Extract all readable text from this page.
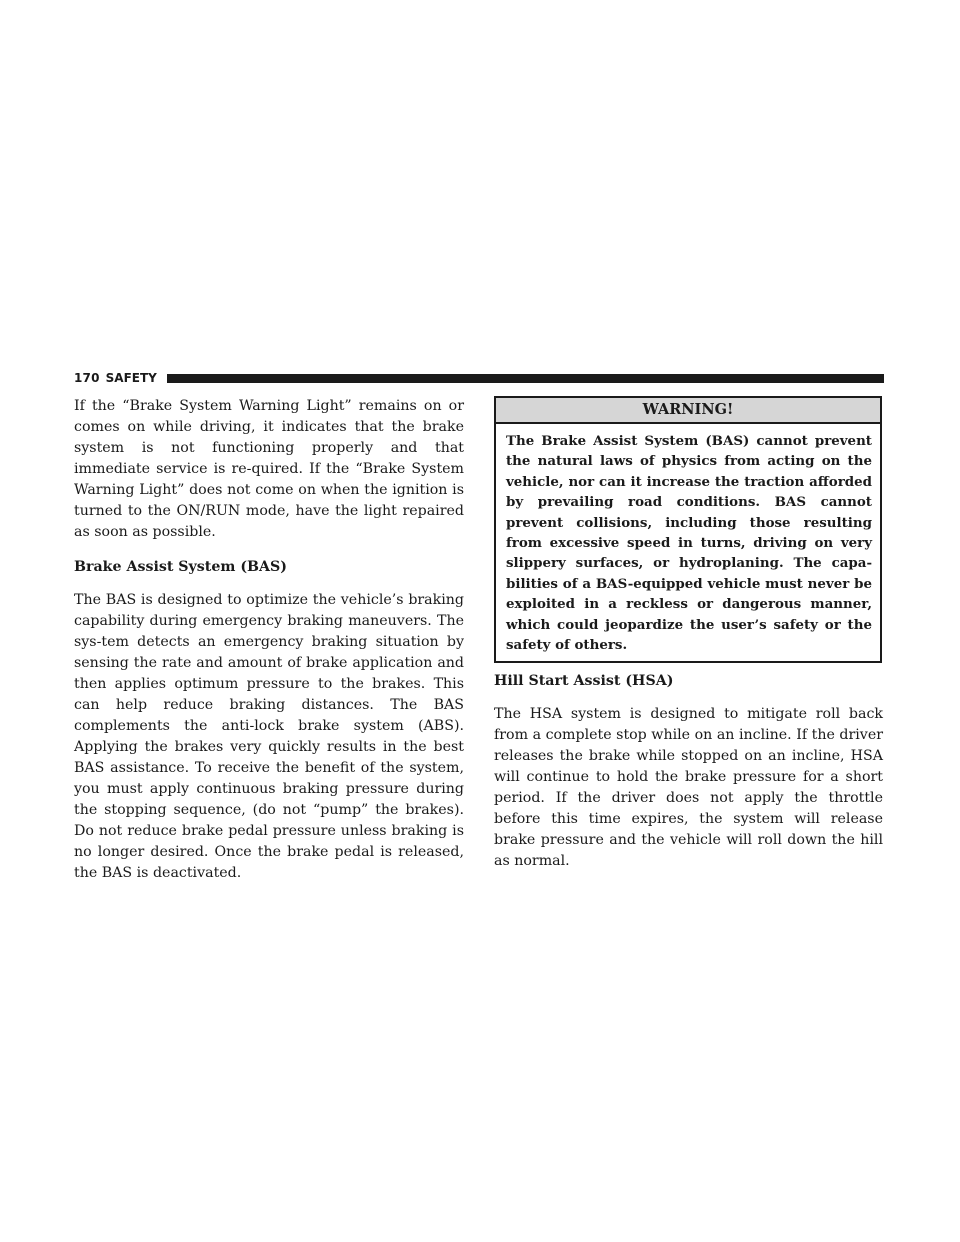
170 SAFETY

If the “Brake System Warning Light” remains on or comes on while driving, it indicates that the brake system is not functioning properly and that immediate service is re-quired. If the “Brake System Warning Light” does not come on when the ignition is turned to the ON/RUN mode, have the light repaired as soon as possible.

Brake Assist System (BAS)

The BAS is designed to optimize the vehicle’s braking capability during emergency braking maneuvers. The sys-tem detects an emergency braking situation by sensing the rate and amount of brake application and then applies optimum pressure to the brakes. This can help reduce braking distances. The BAS complements the anti-lock brake system (ABS). Applying the brakes very quickly results in the best BAS assistance. To receive the benefit of the system, you must apply continuous braking pressure during the stopping sequence, (do not “pump” the brakes). Do not reduce brake pedal pressure unless braking is no longer desired. Once the brake pedal is released, the BAS is deactivated.

WARNING!
The Brake Assist System (BAS) cannot prevent the natural laws of physics from acting on the vehicle, nor can it increase the traction afforded by prevailing road conditions. BAS cannot prevent collisions, including those resulting from excessive speed in turns, driving on very slippery surfaces, or hydroplaning. The capa-bilities of a BAS-equipped vehicle must never be exploited in a reckless or dangerous manner, which could jeopardize the user’s safety or the safety of others.
Hill Start Assist (HSA)

The HSA system is designed to mitigate roll back from a complete stop while on an incline. If the driver releases the brake while stopped on an incline, HSA will continue to hold the brake pressure for a short period. If the driver does not apply the throttle before this time expires, the system will release brake pressure and the vehicle will roll down the hill as normal.
